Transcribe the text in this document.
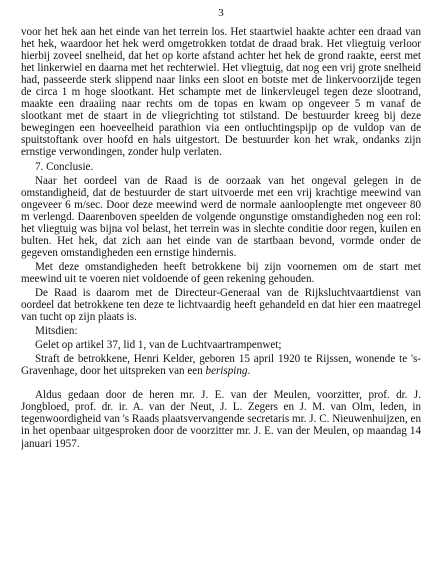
3

voor het hek aan het einde van het terrein los. Het staartwiel haakte achter een draad van het hek, waardoor het hek werd omgetrokken totdat de draad brak. Het vliegtuig verloor hierbij zoveel snelheid, dat het op korte afstand achter het hek de grond raakte, eerst met het linkerwiel en daarna met het rechterwiel. Het vliegtuig, dat nog een vrij grote snelheid had, passeerde sterk slippend naar links een sloot en botste met de linkervoorzijde tegen de circa 1 m hoge slootkant. Het schampte met de linkervleugel tegen deze slootrand, maakte een draaiing naar rechts om de topas en kwam op ongeveer 5 m vanaf de slootkant met de staart in de vliegrichting tot stilstand. De bestuurder kreeg bij deze bewegingen een hoeveelheid parathion via een ontluchtingspijp op de vuldop van de spuitstoftank over hoofd en hals uitgestort. De bestuurder kon het wrak, ondanks zijn ernstige verwondingen, zonder hulp verlaten.

7. Conclusie.

Naar het oordeel van de Raad is de oorzaak van het ongeval gelegen in de omstandigheid, dat de bestuurder de start uitvoerde met een vrij krachtige meewind van ongeveer 6 m/sec. Door deze meewind werd de normale aanlooplengte met ongeveer 80 m verlengd. Daarenboven speelden de volgende ongunstige omstandigheden nog een rol: het vliegtuig was bijna vol belast, het terrein was in slechte conditie door regen, kuilen en bulten. Het hek, dat zich aan het einde van de startbaan bevond, vormde onder de gegeven omstandigheden een ernstige hindernis.

Met deze omstandigheden heeft betrokkene bij zijn voornemen om de start met meewind uit te voeren niet voldoende of geen rekening gehouden.

De Raad is daarom met de Directeur-Generaal van de Rijksluchtvaartdienst van oordeel dat betrokkene ten deze te lichtvaardig heeft gehandeld en dat hier een maatregel van tucht op zijn plaats is.

Mitsdien:

Gelet op artikel 37, lid 1, van de Luchtvaartrampenwet;

Straft de betrokkene, Henri Kelder, geboren 15 april 1920 te Rijssen, wonende te 's-Gravenhage, door het uitspreken van een berisping.

Aldus gedaan door de heren mr. J. E. van der Meulen, voorzitter, prof. dr. J. Jongbloed, prof. dr. ir. A. van der Neut, J. L. Zegers en J. M. van Olm, leden, in tegenwoordigheid van 's Raads plaatsvervangende secretaris mr. J. C. Nieuwenhuijzen, en in het openbaar uitgesproken door de voorzitter mr. J. E. van der Meulen, op maandag 14 januari 1957.
